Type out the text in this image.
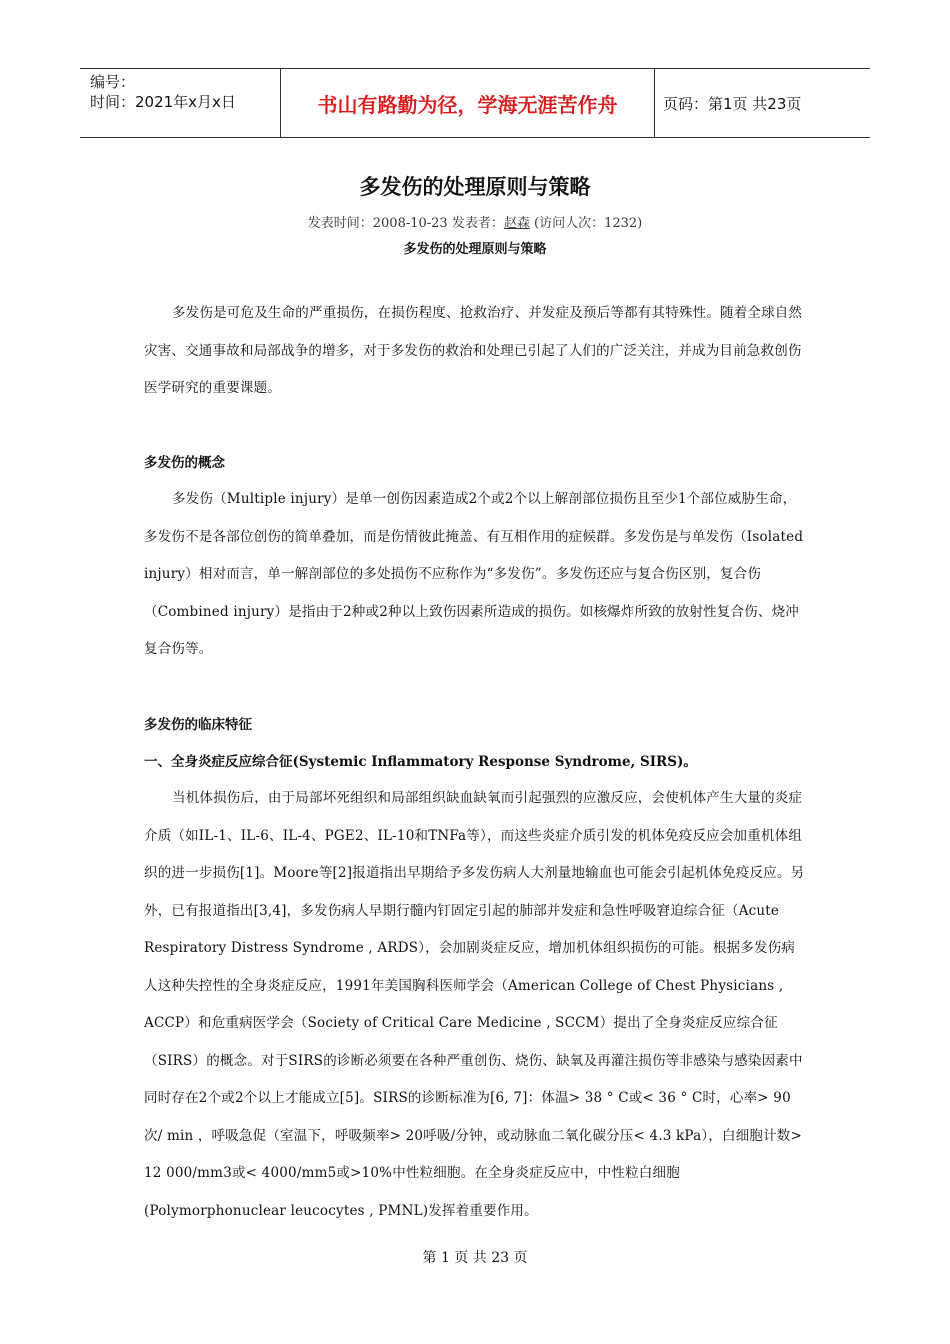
编号：
时间：2021年x月x日	书山有路勤为径，学海无涯苦作舟	页码：第1页 共23页
多发伤的处理原则与策略
发表时间：2008-10-23 发表者：赵森 (访问人次：1232)
多发伤的处理原则与策略

多发伤是可危及生命的严重损伤，在损伤程度、抢救治疗、并发症及预后等都有其特殊性。随着全球自然灾害、交通事故和局部战争的增多，对于多发伤的救治和处理已引起了人们的广泛关注，并成为目前急救创伤医学研究的重要课题。

多发伤的概念

多发伤（Multiple injury）是单一创伤因素造成2个或2个以上解剖部位损伤且至少1个部位威胁生命，多发伤不是各部位创伤的简单叠加，而是伤情彼此掩盖、有互相作用的症候群。多发伤是与单发伤（Isolated injury）相对而言，单一解剖部位的多处损伤不应称作为“多发伤”。多发伤还应与复合伤区别，复合伤 （Combined injury）是指由于2种或2种以上致伤因素所造成的损伤。如核爆炸所致的放射性复合伤、烧冲复合伤等。

多发伤的临床特征

一、全身炎症反应综合征(Systemic Inflammatory Response Syndrome, SIRS)。

当机体损伤后，由于局部坏死组织和局部组织缺血缺氧而引起强烈的应激反应，会使机体产生大量的炎症介质（如IL-1、IL-6、IL-4、PGE2、IL-10和TNFa等），而这些炎症介质引发的机体免疫反应会加重机体组织的进一步损伤[1]。Moore等[2]报道指出早期给予多发伤病人大剂量地输血也可能会引起机体免疫反应。另外，已有报道指出[3,4]，多发伤病人早期行髓内钉固定引起的肺部并发症和急性呼吸窘迫综合征（Acute Respiratory Distress Syndrome , ARDS），会加剧炎症反应，增加机体组织损伤的可能。根据多发伤病人这种失控性的全身炎症反应，1991年美国胸科医师学会（American College of Chest Physicians , ACCP）和危重病医学会（Society of Critical Care Medicine , SCCM）提出了全身炎症反应综合征（SIRS）的概念。对于SIRS的诊断必须要在各种严重创伤、烧伤、缺氧及再灌注损伤等非感染与感染因素中同时存在2个或2个以上才能成立[5]。SIRS的诊断标准为[6, 7]：体温> 38 ° C或< 36 ° C时，心率> 90次/ min ，呼吸急促（室温下，呼吸频率> 20呼吸/分钟，或动脉血二氧化碳分压< 4.3 kPa），白细胞计数> 12 000/mm3或< 4000/mm5或>10%中性粒细胞。在全身炎症反应中，中性粒白细胞(Polymorphonuclear leucocytes , PMNL)发挥着重要作用。

第 1 页 共 23 页
